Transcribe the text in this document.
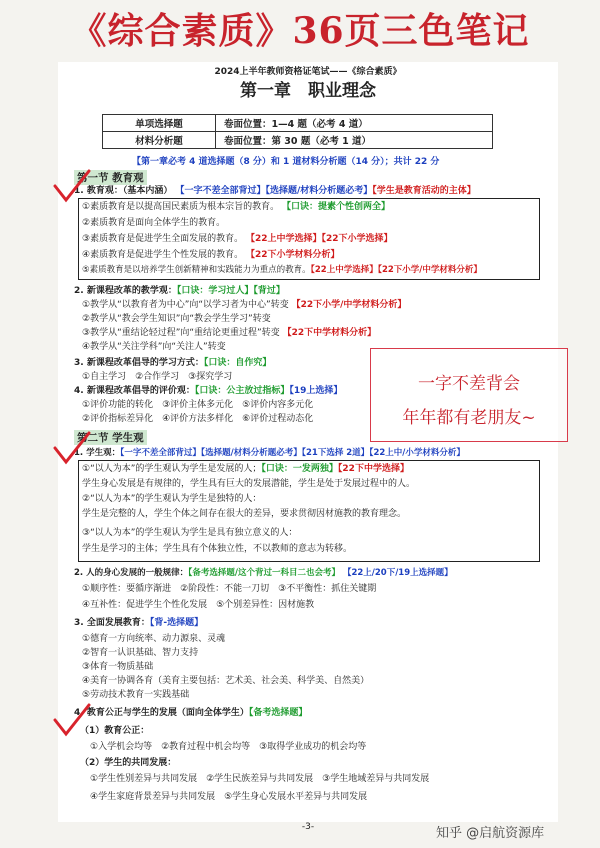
《综合素质》36页三色笔记
2024上半年教师资格证笔试——《综合素质》
第一章　职业理念
单项选择题	卷面位置：1—4 题（必考 4 道）
材料分析题	卷面位置：第 30 题（必考 1 道）
【第一章必考 4 道选择题（8 分）和 1 道材料分析题（14 分）；共计 22 分
第一节 教育观
1. 教育观：（基本内涵） 【一字不差全部背过】【选择题/材料分析题必考】【学生是教育活动的主体】
①素质教育是以提高国民素质为根本宗旨的教育。 【口诀：提素个性创两全】
②素质教育是面向全体学生的教育。
③素质教育是促进学生全面发展的教育。 【22上中学选择】【22下小学选择】
④素质教育是促进学生个性发展的教育。 【22下小学材料分析】
⑤素质教育是以培养学生创新精神和实践能力为重点的教育。【22上中学选择】【22下小学/中学材料分析】
2. 新课程改革的教学观：【口诀：学习过人】【背过】
①教学从“以教育者为中心”向“以学习者为中心”转变 【22下小学/中学材料分析】
②教学从“教会学生知识”向“教会学生学习”转变
③教学从“重结论轻过程”向“重结论更重过程”转变 【22下中学材料分析】
④教学从“关注学科”向“关注人”转变
3. 新课程改革倡导的学习方式：【口诀：自作究】
①自主学习　②合作学习　③探究学习
4. 新课程改革倡导的评价观：【口诀：公主放过指标】【19上选择】
①评价功能的转化　③评价主体多元化　⑤评价内容多元化
②评价指标差异化　④评价方法多样化　⑥评价过程动态化
第二节 学生观
1. 学生观：【一字不差全部背过】【选择题/材料分析题必考】【21下选择 2道】【22上中/小学材料分析】
①“以人为本”的学生观认为学生是发展的人；【口诀：一发两独】【22下中学选择】
学生身心发展是有规律的，学生具有巨大的发展潜能，学生是处于发展过程中的人。
②“以人为本”的学生观认为学生是独特的人：
学生是完整的人，学生个体之间存在很大的差异，要求贯彻因材施教的教育理念。
③“以人为本”的学生观认为学生是具有独立意义的人：
学生是学习的主体；学生具有个体独立性，不以教师的意志为转移。
2. 人的身心发展的一般规律：【备考选择题/这个背过一科目二也会考】 【22上/20下/19上选择题】
①顺序性：要循序渐进　②阶段性：不能一刀切　③不平衡性：抓住关键期
④互补性：促进学生个性化发展　⑤个别差异性：因材施教
3. 全面发展教育：【背-选择题】
①德育一方向统率、动力源泉、灵魂
②智育一认识基础、智力支持
③体育一物质基础
④美育一协调各育（美育主要包括：艺术美、社会美、科学美、自然美）
⑤劳动技术教育一实践基础
4. 教育公正与学生的发展（面向全体学生）【备考选择题】
（1）教育公正：
①入学机会均等　②教育过程中机会均等　③取得学业成功的机会均等
（2）学生的共同发展：
①学生性别差异与共同发展　②学生民族差异与共同发展　③学生地域差异与共同发展
④学生家庭背景差异与共同发展　⑤学生身心发展水平差异与共同发展
-3-
一字不差背会
年年都有老朋友~
知乎 @启航资源库
